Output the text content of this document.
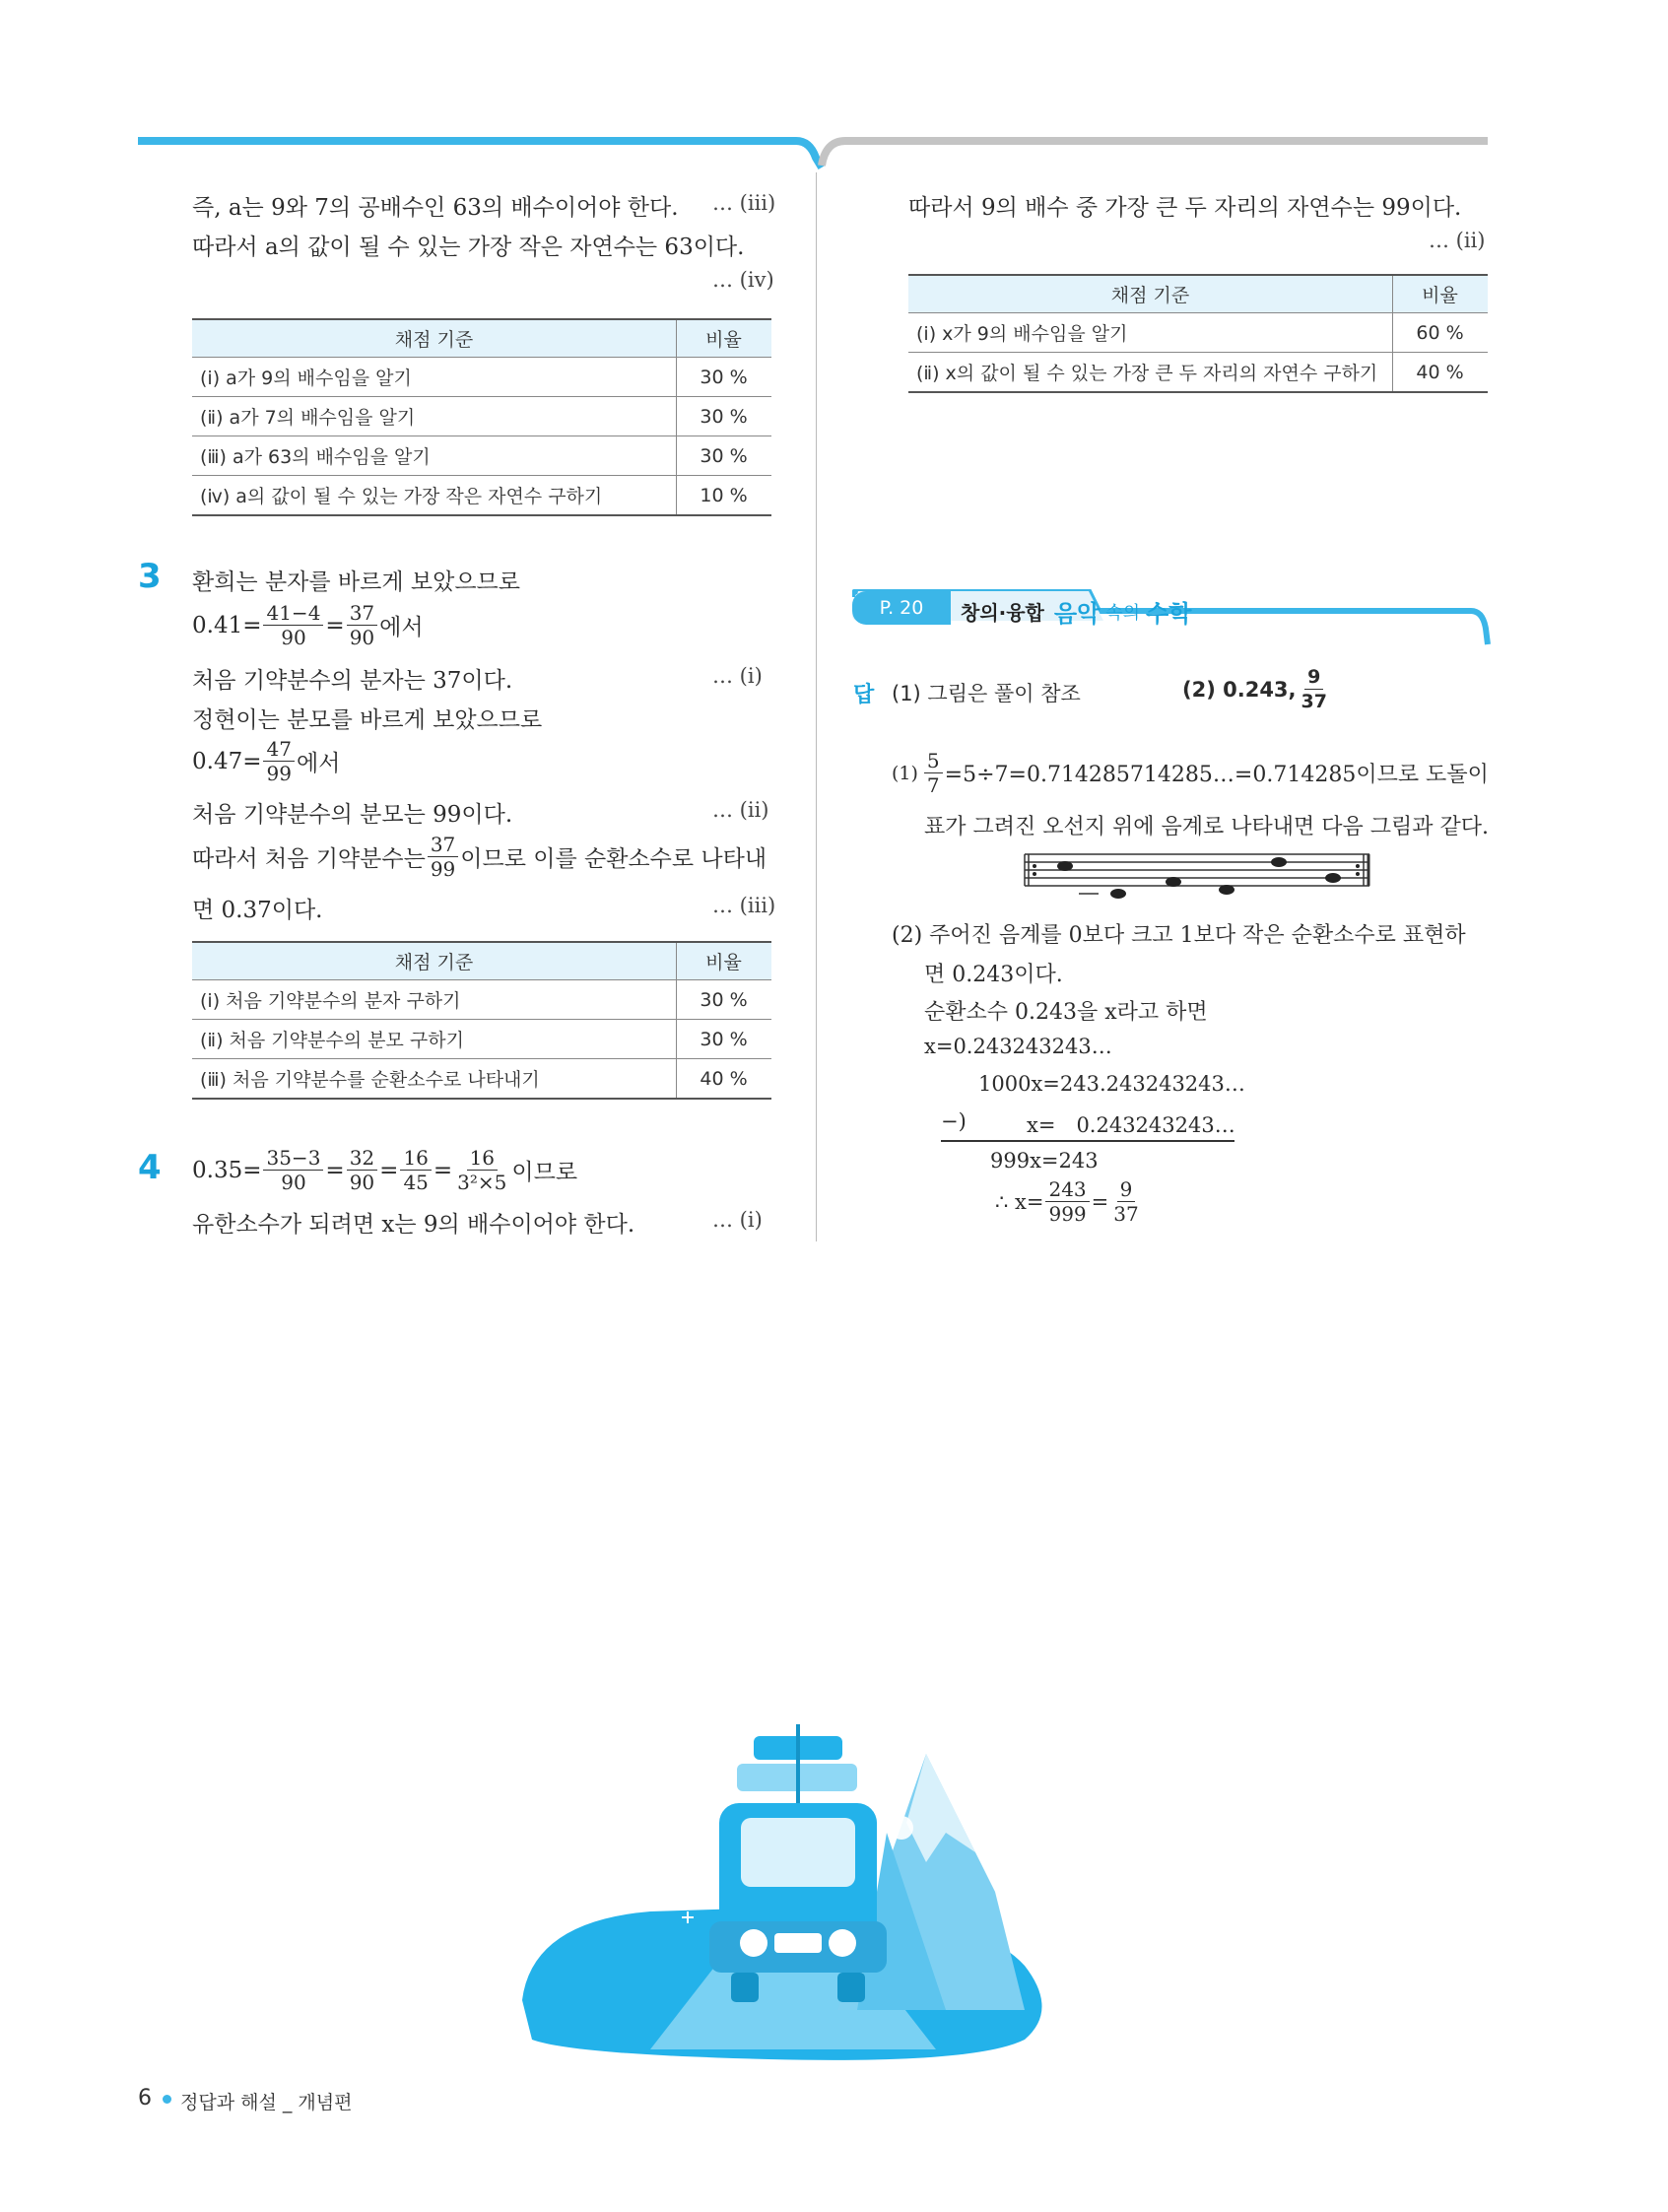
즉, a는 9와 7의 공배수인 63의 배수이어야 한다. … (ⅲ)
따라서 a의 값이 될 수 있는 가장 작은 자연수는 63이다.
… (ⅳ)
채점 기준	비율
(ⅰ) a가 9의 배수임을 알기	30 %
(ⅱ) a가 7의 배수임을 알기	30 %
(ⅲ) a가 63의 배수임을 알기	30 %
(ⅳ) a의 값이 될 수 있는 가장 작은 자연수 구하기	10 %
3 환희는 분자를 바르게 보았으므로
$0.41= \frac{41-4}{90} = \frac{37}{90}$ 에서
처음 기약분수의 분자는 37이다.	… (ⅰ)
정현이는 분모를 바르게 보았으므로
$0.47= \frac{47}{99}$ 에서
처음 기약분수의 분모는 99이다.	… (ⅱ)
따라서 처음 기약분수는 $\frac{37}{99}$ 이므로 이를 순환소수로 나타내
면 0.37이다.	… (ⅲ)
채점 기준	비율
(ⅰ) 처음 기약분수의 분자 구하기	30 %
(ⅱ) 처음 기약분수의 분모 구하기	30 %
(ⅲ) 처음 기약분수를 순환소수로 나타내기	40 %
4 $0.35= \frac{35-3}{90} = \frac{32}{90} = \frac{16}{45} = \frac{16}{\text{3²×5}}$ 이므로
유한소수가 되려면 x는 9의 배수이어야 한다.	… (ⅰ)
따라서 9의 배수 중 가장 큰 두 자리의 자연수는 99이다.
… (ⅱ)
채점 기준	비율
(ⅰ) x가 9의 배수임을 알기	60 %
(ⅱ) x의 값이 될 수 있는 가장 큰 두 자리의 자연수 구하기	40 %
P. 20	창의·융합 음악 속의 수학
답 (1) 그림은 풀이 참조	(2) 0.243, $\frac{9}{37}$
$(1) \frac{5}{7}$ =5÷7=0.714285714285…=0.714285이므로 도돌이
표가 그려진 오선지 위에 음계로 나타내면 다음 그림과 같다.
(2) 주어진 음계를 0보다 크고 1보다 작은 순환소수로 표현하
면 0.243이다.
순환소수 0.243을 x라고 하면
x=0.243243243…
1000x=243.243243243…
−)	x=　0.243243243…
999x=243
∴ $x= \frac{243}{999} = \frac{9}{37}$
6 정답과 해설 _ 개념편
